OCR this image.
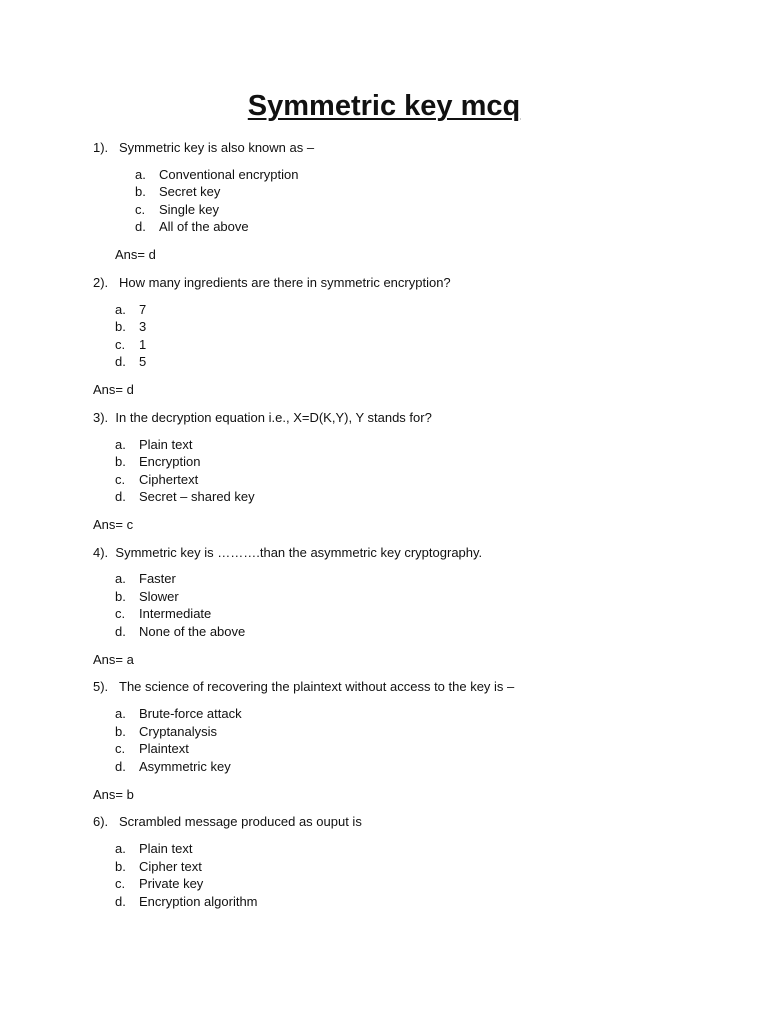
Symmetric key mcq
1). Symmetric key is also known as –
a. Conventional encryption
b. Secret key
c. Single key
d. All of the above
Ans= d
2). How many ingredients are there in symmetric encryption?
a. 7
b. 3
c. 1
d. 5
Ans= d
3). In the decryption equation i.e., X=D(K,Y), Y stands for?
a. Plain text
b. Encryption
c. Ciphertext
d. Secret – shared key
Ans= c
4). Symmetric key is ……….than the asymmetric key cryptography.
a. Faster
b. Slower
c. Intermediate
d. None of the above
Ans= a
5). The science of recovering the plaintext without access to the key is –
a. Brute-force attack
b. Cryptanalysis
c. Plaintext
d. Asymmetric key
Ans= b
6). Scrambled message produced as ouput is
a. Plain text
b. Cipher text
c. Private key
d. Encryption algorithm
